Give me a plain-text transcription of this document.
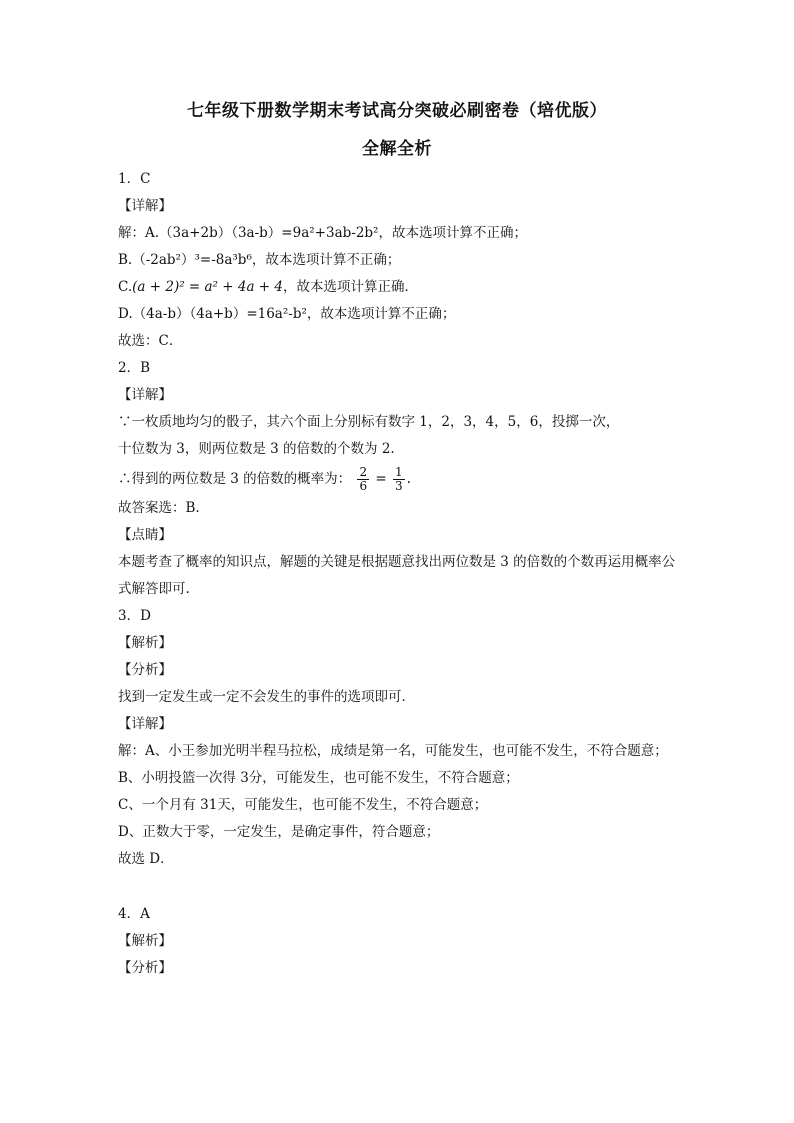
七年级下册数学期末考试高分突破必刷密卷（培优版）
全解全析
1．C
【详解】
解：A.（3a+2b）（3a-b）=9a²+3ab-2b²，故本选项计算不正确；
B.（-2ab²）³=-8a³b⁶，故本选项计算不正确；
C.(a + 2)² = a² + 4a + 4，故本选项计算正确．
D.（4a-b）（4a+b）=16a²-b²，故本选项计算不正确；
故选：C．
2．B
【详解】
∵一枚质地均匀的骰子，其六个面上分别标有数字 1，2，3，4，5，6，投掷一次，
十位数为 3，则两位数是 3 的倍数的个数为 2.
∴得到的两位数是 3 的倍数的概率为： $\frac{2}{6} = \frac{1}{3}$ .
故答案选：B.
【点睛】
本题考查了概率的知识点，解题的关键是根据题意找出两位数是 3 的倍数的个数再运用概率公式解答即可.
3．D
【解析】
【分析】
找到一定发生或一定不会发生的事件的选项即可．
【详解】
解：A、小王参加光明半程马拉松，成绩是第一名，可能发生，也可能不发生，不符合题意；
B、小明投篮一次得 3分，可能发生，也可能不发生，不符合题意；
C、一个月有 31天，可能发生，也可能不发生，不符合题意；
D、正数大于零，一定发生，是确定事件，符合题意；
故选 D．
4．A
【解析】
【分析】
